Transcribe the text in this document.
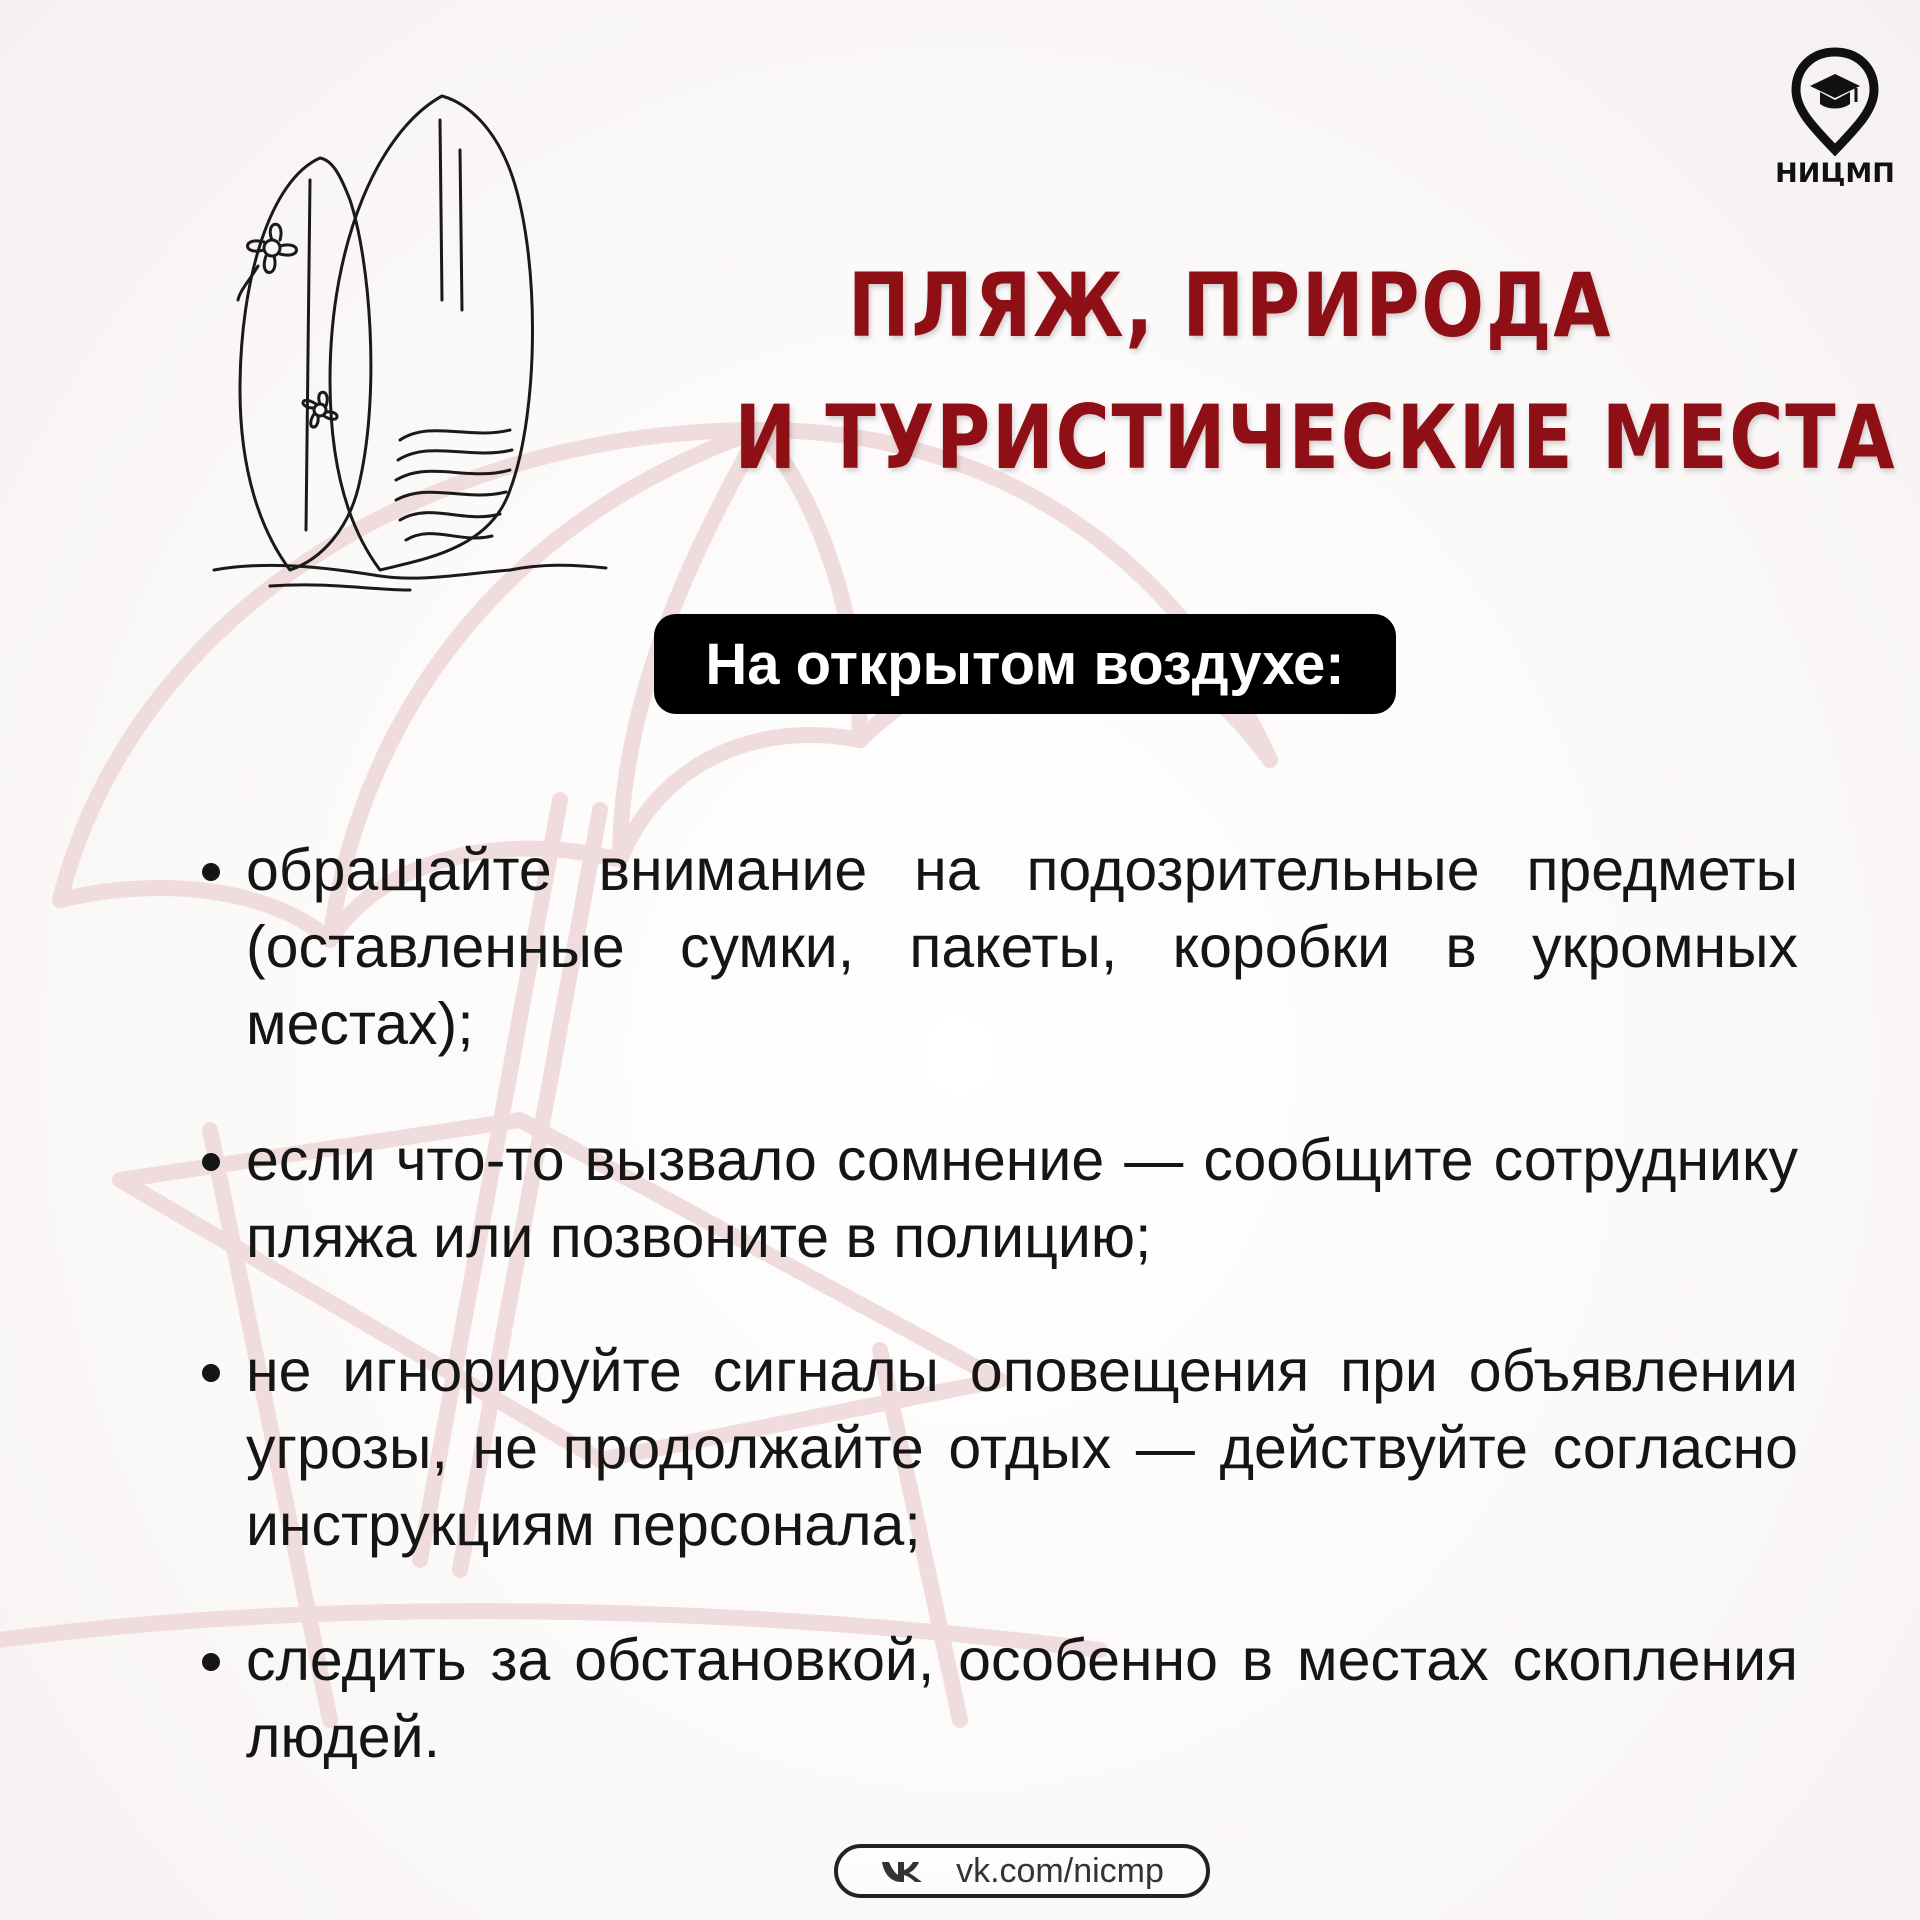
НИЦМП
ПЛЯЖ, ПРИРОДА
И ТУРИСТИЧЕСКИЕ МЕСТА
На открытом воздухе:
обращайте внимание на подозрительные предметы (оставленные сумки, пакеты, коробки в укромных местах);
если что-то вызвало сомнение — сообщите сотруднику пляжа или позвоните в полицию;
не игнорируйте сигналы оповещения при объявлении угрозы, не продолжайте отдых — действуйте согласно инструкциям персонала;
следить за обстановкой, особенно в местах скопления людей.
vk.com/nicmp
